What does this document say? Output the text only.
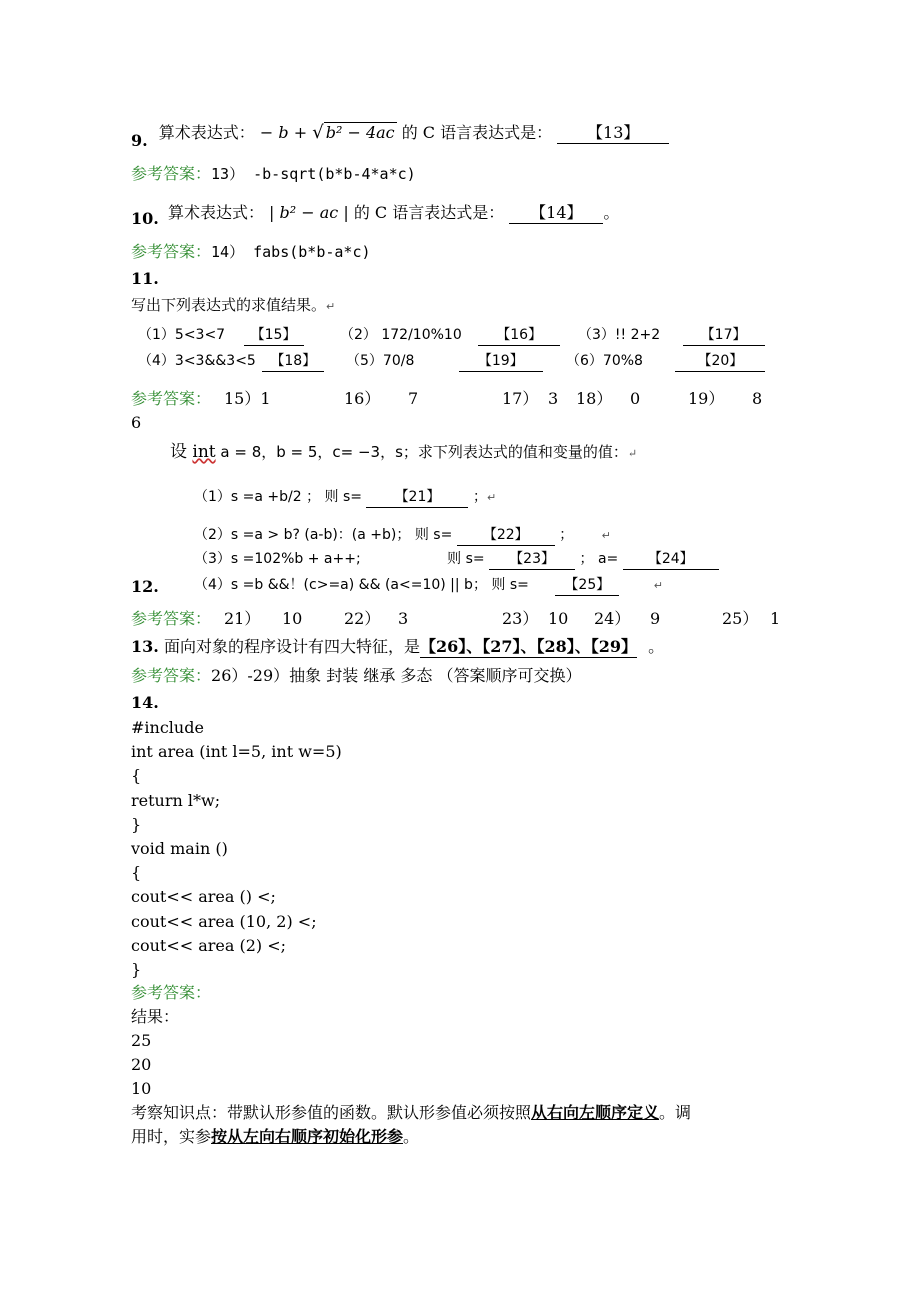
9. 算术表达式： − b + √ b² − 4ac 的 C 语言表达式是： 【13】
参考答案：13） -b-sqrt(b*b-4*a*c)
10. 算术表达式： | b² − ac | 的 C 语言表达式是： 【14】 。
参考答案：14） fabs(b*b-a*c)
11.
写出下列表达式的求值结果。↵
（1）5<3<7 【15】	（2） 172/10%10 【16】	（3）!! 2+2	【17】
（4）3<3&&3<5 【18】	（5）70/8	【19】	（6）70%8	【20】
参考答案： 15）1	16） 7	17） 3 18） 0	19） 8
6
设 int a = 8，b = 5，c= −3，s；求下列表达式的值和变量的值：↵
（1）s =a +b/2 ； 则 s= 【21】 ；↵
（2）s =a > b? (a-b)：(a +b)； 则 s= 【22】 ；	↵
（3）s =102%b + a++;	则 s= 【23】 ； a= 【24】
12.	（4）s =b &&！(c>=a) && (a<=10) || b； 则 s=	【25】	↵
参考答案： 21） 10	22） 3	23） 10 24） 9	25） 1
13. 面向对象的程序设计有四大特征，是【26】、【27】、【28】、【29】 。
参考答案：26）-29）抽象 封装 继承 多态 （答案顺序可交换）
14.
#include
int area (int l=5, int w=5)
{
return l*w;
}
void main ()
{
cout<< area () <;
cout<< area (10, 2) <;
cout<< area (2) <;
}
参考答案：
结果：
25
20
10
考察知识点：带默认形参值的函数。默认形参值必须按照从右向左顺序定义。调
用时，实参按从左向右顺序初始化形参。
